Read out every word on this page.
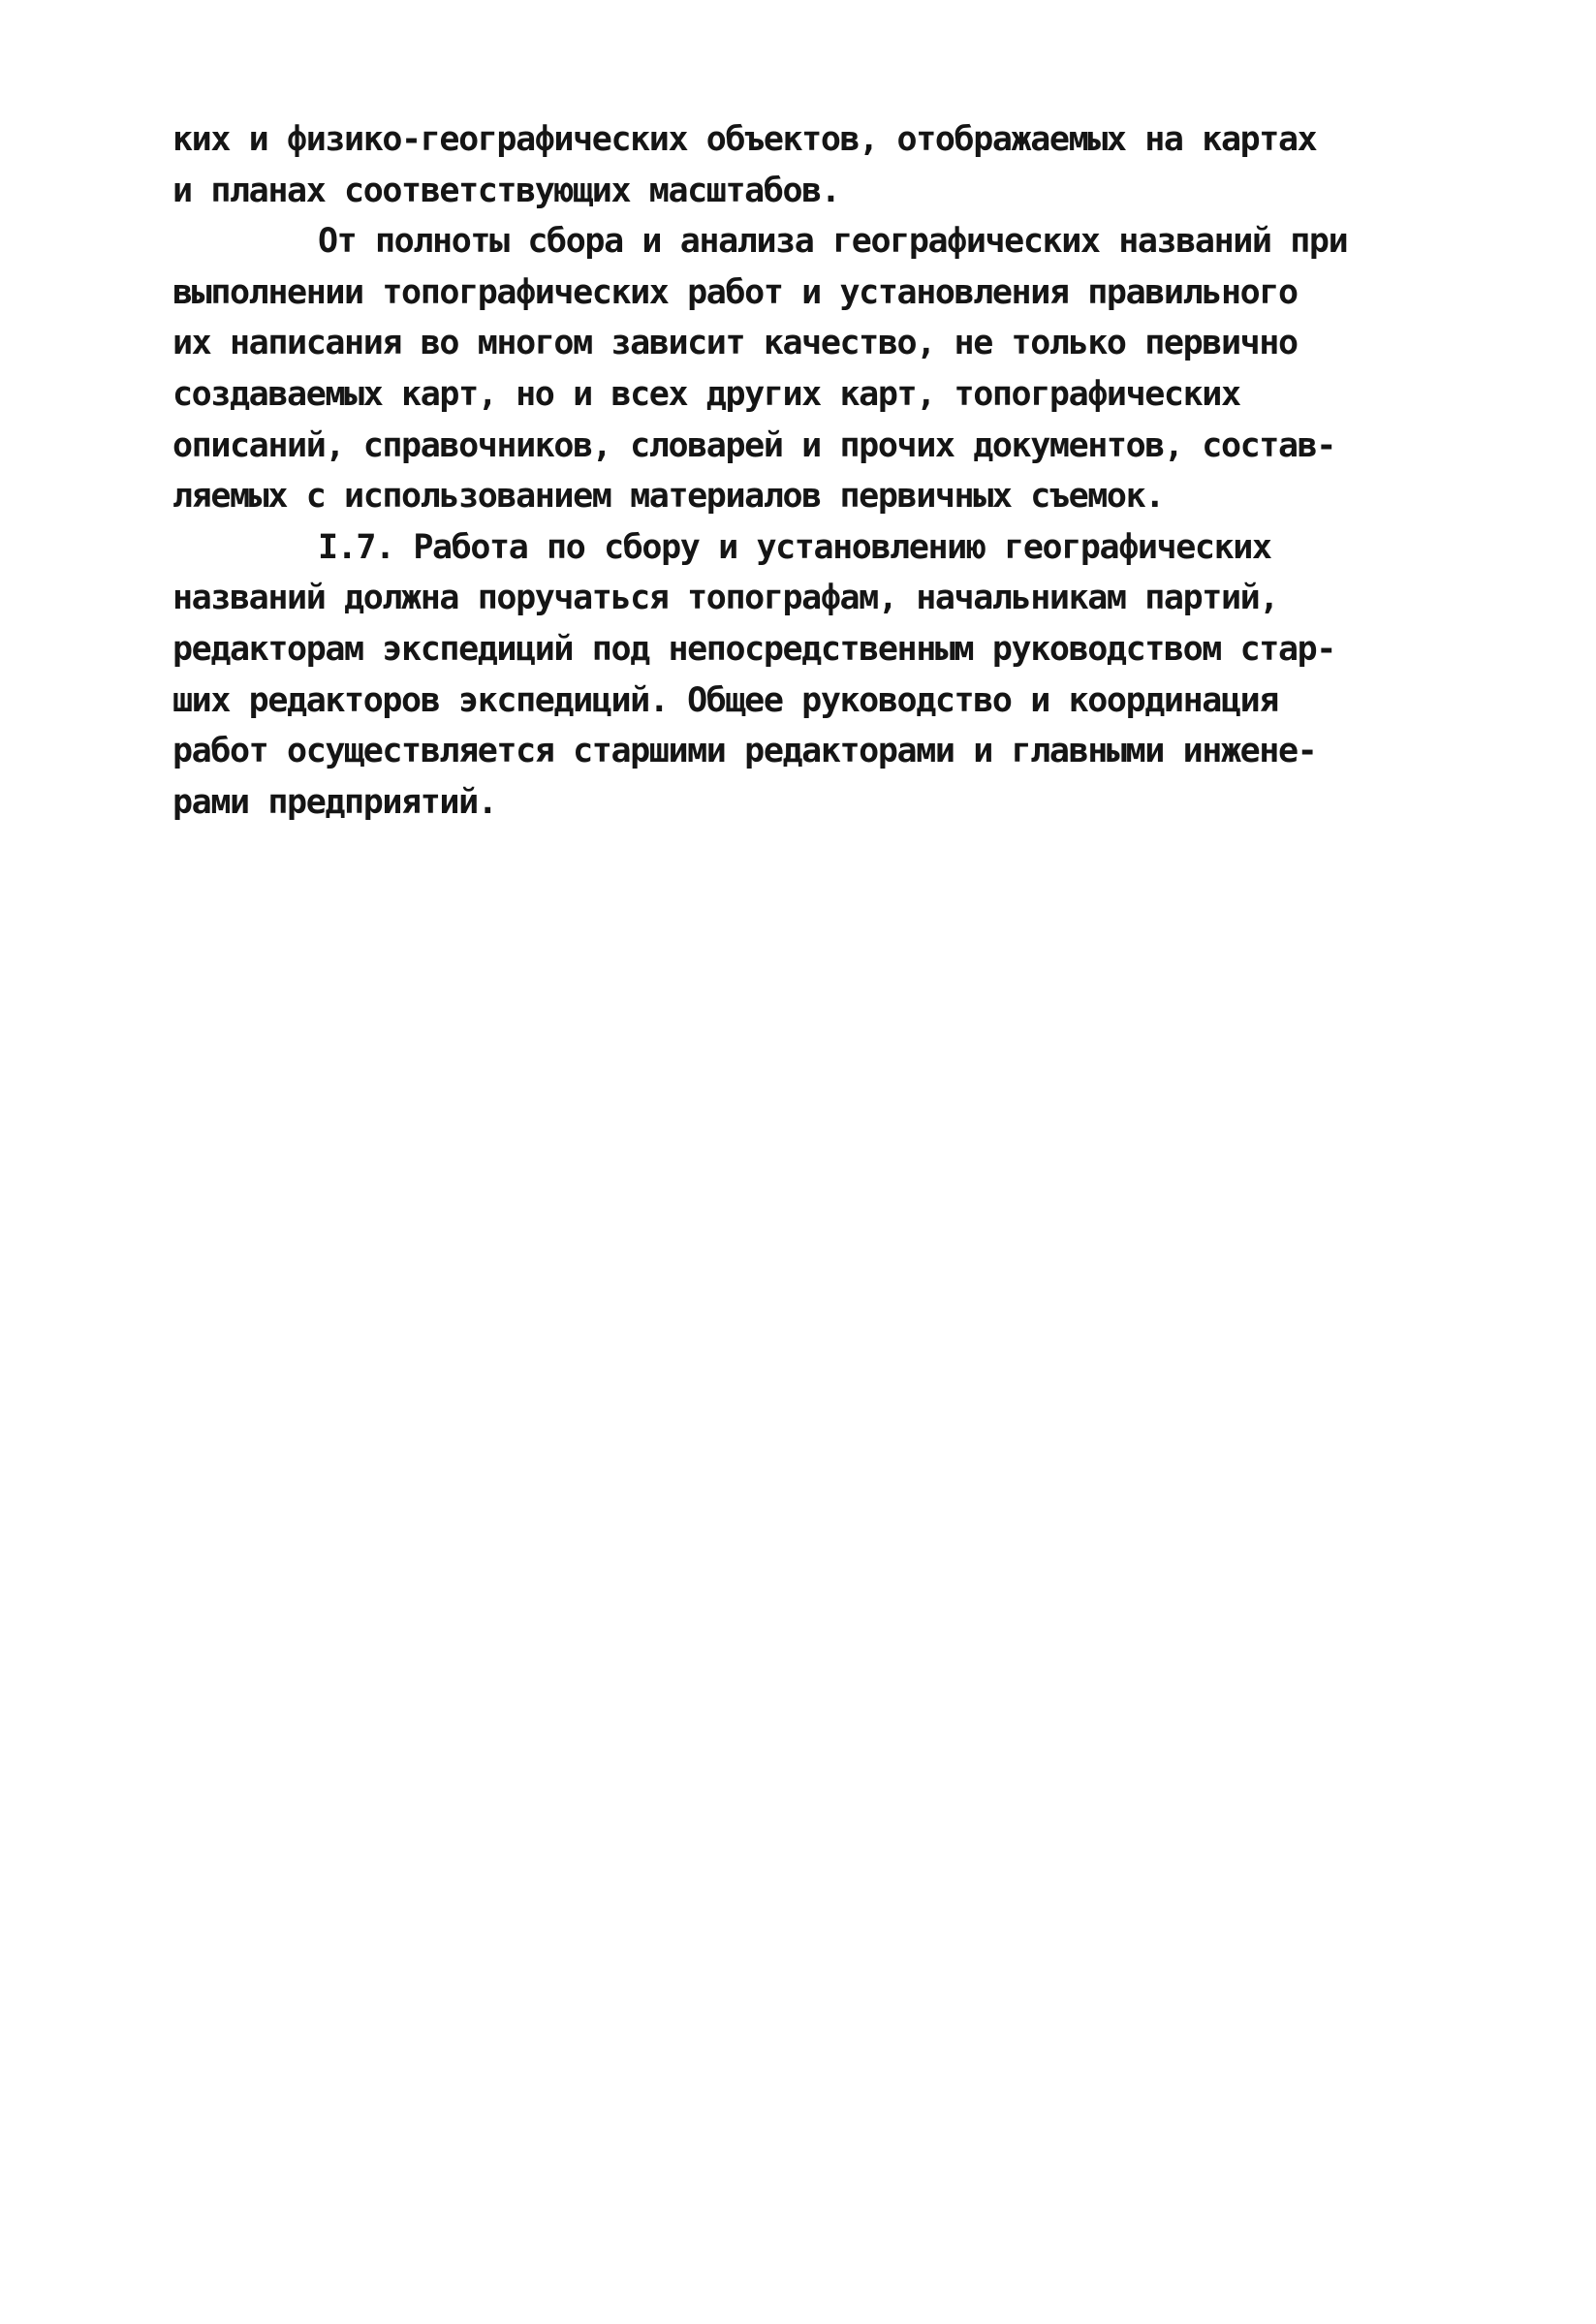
ких и физико-географических объектов, отображаемых на картах
и планах соответствующих масштабов.
От полноты сбора и анализа географических названий при
выполнении топографических работ и установления правильного
их написания во многом зависит качество, не только первично
создаваемых карт, но и всех других карт, топографических
описаний, справочников, словарей и прочих документов, состав-
ляемых с использованием материалов первичных съемок.
I.7. Работа по сбору и установлению географических
названий должна поручаться топографам, начальникам партий,
редакторам экспедиций под непосредственным руководством стар-
ших редакторов экспедиций. Общее руководство и координация
работ осуществляется старшими редакторами и главными инжене-
рами предприятий.
